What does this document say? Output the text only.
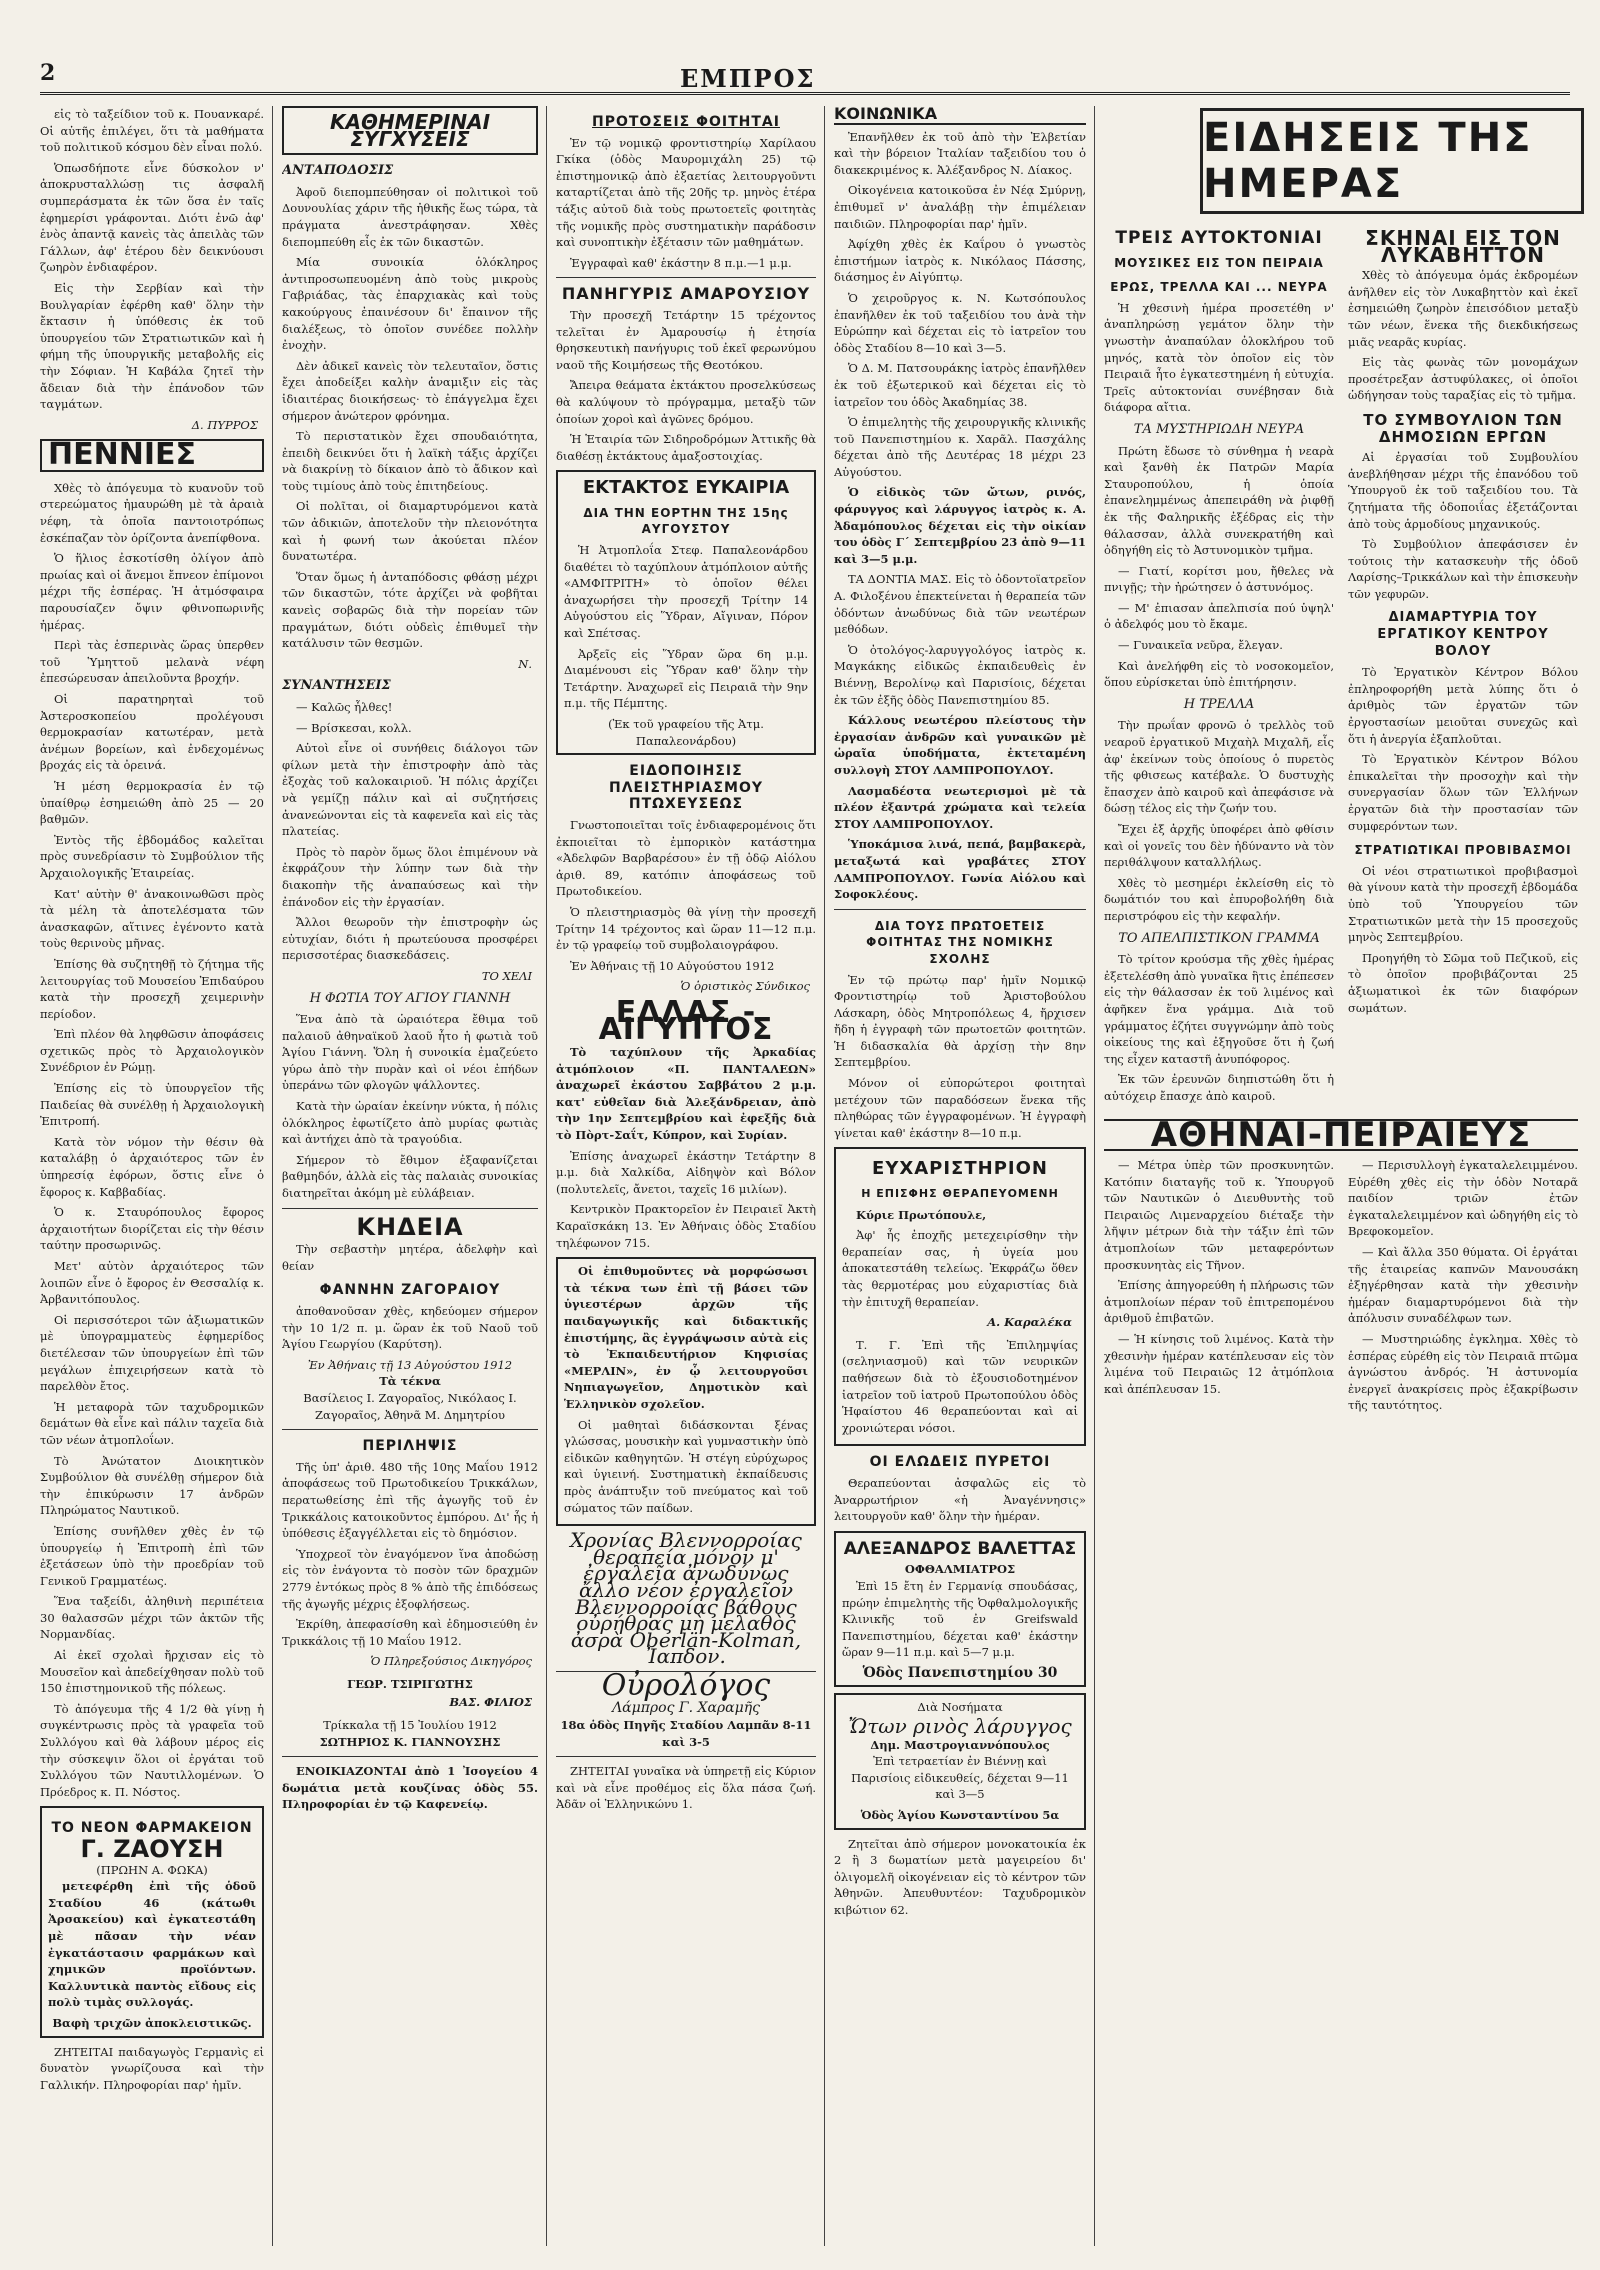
2	ΕΜΠΡΟΣ

εἰς τὸ ταξείδιον τοῦ κ. Πουανκαρέ. Οἱ αὐτῆς ἐπιλέγει, ὅτι τὰ μαθήματα τοῦ πολιτικοῦ κόσμου δὲν εἶναι πολύ.

Ὁπωσδήποτε εἶνε δύσκολον ν' ἀποκρυσταλλώσῃ τις ἀσφαλῆ συμπεράσματα ἐκ τῶν ὅσα ἐν ταῖς ἐφημερίσι γράφονται. Διότι ἐνῶ ἀφ' ἑνὸς ἀπαντᾷ κανεὶς τὰς ἀπειλὰς τῶν Γάλλων, ἀφ' ἑτέρου δὲν δεικνύουσι ζωηρὸν ἐνδιαφέρον.

Εἰς τὴν Σερβίαν καὶ τὴν Βουλγαρίαν ἐφέρθη καθ' ὅλην τὴν ἔκτασιν ἡ ὑπόθεσις ἐκ τοῦ ὑπουργείου τῶν Στρατιωτικῶν καὶ ἡ φήμη τῆς ὑπουργικῆς μεταβολῆς εἰς τὴν Σόφιαν. Ἡ Καβάλα ζητεῖ τὴν ἄδειαν διὰ τὴν ἐπάνοδον τῶν ταγμάτων.

Δ. ΠΥΡΡΟΣ
ΠΕΝΝΙΕΣ

Χθὲς τὸ ἀπόγευμα τὸ κυανοῦν τοῦ στερεώματος ἠμαυρώθη μὲ τὰ ἀραιὰ νέφη, τὰ ὁποῖα παντοιοτρόπως ἐσκέπαζαν τὸν ὁρίζοντα ἀνεπίφθονα.

Ὁ ἥλιος ἐσκοτίσθη ὀλίγον ἀπὸ πρωίας καὶ οἱ ἄνεμοι ἔπνεον ἐπίμονοι μέχρι τῆς ἑσπέρας. Ἡ ἀτμόσφαιρα παρουσίαζεν ὄψιν φθινοπωρινῆς ἡμέρας.

Περὶ τὰς ἑσπερινὰς ὥρας ὑπερθεν τοῦ Ὑμηττοῦ μελανὰ νέφη ἐπεσώρευσαν ἀπειλοῦντα βροχήν.

Οἱ παρατηρηταὶ τοῦ Ἀστεροσκοπείου προλέγουσι θερμοκρασίαν κατωτέραν, μετὰ ἀνέμων βορείων, καὶ ἐνδεχομένως βροχάς εἰς τὰ ὀρεινά.

Ἡ μέση θερμοκρασία ἐν τῷ ὑπαίθρῳ ἐσημειώθη ἀπὸ 25 — 20 βαθμῶν.

Ἐντὸς τῆς ἑβδομάδος καλεῖται πρὸς συνεδρίασιν τὸ Συμβούλιον τῆς Ἀρχαιολογικῆς Ἑταιρείας.

Κατ' αὐτὴν θ' ἀνακοινωθῶσι πρὸς τὰ μέλη τὰ ἀποτελέσματα τῶν ἀνασκαφῶν, αἵτινες ἐγένοντο κατὰ τοὺς θερινοὺς μῆνας.

Ἐπίσης θὰ συζητηθῇ τὸ ζήτημα τῆς λειτουργίας τοῦ Μουσείου Ἐπιδαύρου κατὰ τὴν προσεχῆ χειμερινὴν περίοδον.

Ἐπὶ πλέον θὰ ληφθῶσιν ἀποφάσεις σχετικῶς πρὸς τὸ Ἀρχαιολογικὸν Συνέδριον ἐν Ρώμῃ.

Ἐπίσης εἰς τὸ ὑπουργεῖον τῆς Παιδείας θὰ συνέλθῃ ἡ Ἀρχαιολογικὴ Ἐπιτροπή.

Κατὰ τὸν νόμον τὴν θέσιν θὰ καταλάβῃ ὁ ἀρχαιότερος τῶν ἐν ὑπηρεσίᾳ ἐφόρων, ὅστις εἶνε ὁ ἔφορος κ. Καββαδίας.

Ὁ κ. Σταυρόπουλος ἔφορος ἀρχαιοτήτων διορίζεται εἰς τὴν θέσιν ταύτην προσωρινῶς.

Μετ' αὐτὸν ἀρχαιότερος τῶν λοιπῶν εἶνε ὁ ἔφορος ἐν Θεσσαλίᾳ κ. Ἀρβανιτόπουλος.

Οἱ περισσότεροι τῶν ἀξιωματικῶν μὲ ὑπογραμματεὺς ἐφημερίδος διετέλεσαν τῶν ὑπουργείων ἐπὶ τῶν μεγάλων ἐπιχειρήσεων κατὰ τὸ παρελθὸν ἔτος.

Ἡ μεταφορὰ τῶν ταχυδρομικῶν δεμάτων θὰ εἶνε καὶ πάλιν ταχεῖα διὰ τῶν νέων ἀτμοπλοΐων.

Τὸ Ἀνώτατον Διοικητικὸν Συμβούλιον θὰ συνέλθῃ σήμερον διὰ τὴν ἐπικύρωσιν 17 ἀνδρῶν Πληρώματος Ναυτικοῦ.

Ἐπίσης συνῆλθεν χθὲς ἐν τῷ ὑπουργείῳ ἡ Ἐπιτροπὴ ἐπὶ τῶν ἐξετάσεων ὑπὸ τὴν προεδρίαν τοῦ Γενικοῦ Γραμματέως.

Ἕνα ταξείδι, ἀληθινὴ περιπέτεια 30 θαλασσῶν μέχρι τῶν ἀκτῶν τῆς Νορμανδίας.

Αἱ ἐκεῖ σχολαὶ ἤρχισαν εἰς τὸ Μουσεῖον καὶ ἀπεδείχθησαν πολὺ τοῦ 150 ἐπιστημονικοῦ τῆς πόλεως.

Τὸ ἀπόγευμα τῆς 4 1/2 θὰ γίνῃ ἡ συγκέντρωσις πρὸς τὰ γραφεῖα τοῦ Συλλόγου καὶ θὰ λάβουν μέρος εἰς τὴν σύσκεψιν ὅλοι οἱ ἐργάται τοῦ Συλλόγου τῶν Ναυτιλλομένων. Ὁ Πρόεδρος κ. Π. Νόστος.

ΤΟ ΝΕΟΝ ΦΑΡΜΑΚΕΙΟΝ
Γ. ΖΑΟΥΣΗ
(ΠΡΩΗΝ Α. ΦΩΚΑ)

μετεφέρθη ἐπὶ τῆς ὁδοῦ Σταδίου 46 (κάτωθι Ἀρσακείου) καὶ ἐγκατεστάθη μὲ πᾶσαν τὴν νέαν ἐγκατάστασιν φαρμάκων καὶ χημικῶν προϊόντων. Καλλυντικὰ παντὸς εἴδους εἰς πολὺ τιμὰς συλλογάς.

Βαφὴ τριχῶν ἀποκλειστικῶς.

ΖΗΤΕΙΤΑΙ παιδαγωγὸς Γερμανὶς εἰ δυνατὸν γνωρίζουσα καὶ τὴν Γαλλικήν. Πληροφορίαι παρ' ἡμῖν.

ΚΑΘΗΜΕΡΙΝΑΙ ΣΥΓΧΥΣΕΙΣ
ΑΝΤΑΠΟΔΟΣΙΣ

Ἀφοῦ διεπομπεύθησαν οἱ πολιτικοὶ τοῦ Δουνουλίας χάριν τῆς ἠθικῆς ἕως τώρα, τὰ πράγματα ἀνεστράφησαν. Χθὲς διεπομπεύθη εἷς ἐκ τῶν δικαστῶν.

Μία συνοικία ὁλόκληρος ἀντιπροσωπευομένη ἀπὸ τοὺς μικροὺς Γαβριάδας, τὰς ἐπαρχιακὰς καὶ τοὺς κακούργους ἐπαινέσουν δι' ἔπαινον τῆς διαλέξεως, τὸ ὁποῖον συνέδεε πολλὴν ἐνοχὴν.

Δὲν ἀδικεῖ κανεὶς τὸν τελευταῖον, ὅστις ἔχει ἀποδείξει καλὴν ἀναμιξιν εἰς τὰς ἰδιαιτέρας διοικήσεως· τὸ ἐπάγγελμα ἔχει σήμερον ἀνώτερον φρόνημα.

Τὸ περιστατικὸν ἔχει σπουδαιότητα, ἐπειδὴ δεικνύει ὅτι ἡ λαϊκὴ τάξις ἀρχίζει νὰ διακρίνῃ τὸ δίκαιον ἀπὸ τὸ ἄδικον καὶ τοὺς τιμίους ἀπὸ τοὺς ἐπιτηδείους.

Οἱ πολῖται, οἱ διαμαρτυρόμενοι κατὰ τῶν ἀδικιῶν, ἀποτελοῦν τὴν πλειονότητα καὶ ἡ φωνή των ἀκούεται πλέον δυνατωτέρα.

Ὅταν ὅμως ἡ ἀνταπόδοσις φθάσῃ μέχρι τῶν δικαστῶν, τότε ἀρχίζει νὰ φοβῆται κανεὶς σοβαρῶς διὰ τὴν πορείαν τῶν πραγμάτων, διότι οὐδεὶς ἐπιθυμεῖ τὴν κατάλυσιν τῶν θεσμῶν.

Ν.
ΣΥΝΑΝΤΗΣΕΙΣ

— Καλῶς ἦλθες!

— Βρίσκεσαι, κολλ.

Αὐτοὶ εἶνε οἱ συνήθεις διάλογοι τῶν φίλων μετὰ τὴν ἐπιστροφὴν ἀπὸ τὰς ἐξοχὰς τοῦ καλοκαιριοῦ. Ἡ πόλις ἀρχίζει νὰ γεμίζῃ πάλιν καὶ αἱ συζητήσεις ἀνανεώνονται εἰς τὰ καφενεῖα καὶ εἰς τὰς πλατείας.

Πρὸς τὸ παρὸν ὅμως ὅλοι ἐπιμένουν νὰ ἐκφράζουν τὴν λύπην των διὰ τὴν διακοπὴν τῆς ἀναπαύσεως καὶ τὴν ἐπάνοδον εἰς τὴν ἐργασίαν.

Ἄλλοι θεωροῦν τὴν ἐπιστροφὴν ὡς εὐτυχίαν, διότι ἡ πρωτεύουσα προσφέρει περισσοτέρας διασκεδάσεις.

ΤΟ ΧΕΛΙ
Η ΦΩΤΙΑ ΤΟΥ ΑΓΙΟΥ ΓΙΑΝΝΗ

Ἕνα ἀπὸ τὰ ὡραιότερα ἔθιμα τοῦ παλαιοῦ ἀθηναϊκοῦ λαοῦ ἦτο ἡ φωτιὰ τοῦ Ἁγίου Γιάννη. Ὅλη ἡ συνοικία ἐμαζεύετο γύρω ἀπὸ τὴν πυρὰν καὶ οἱ νέοι ἐπήδων ὑπεράνω τῶν φλογῶν ψάλλοντες.

Κατὰ τὴν ὡραίαν ἐκείνην νύκτα, ἡ πόλις ὁλόκληρος ἐφωτίζετο ἀπὸ μυρίας φωτιὰς καὶ ἀντήχει ἀπὸ τὰ τραγούδια.

Σήμερον τὸ ἔθιμον ἐξαφανίζεται βαθμηδόν, ἀλλὰ εἰς τὰς παλαιὰς συνοικίας διατηρεῖται ἀκόμη μὲ εὐλάβειαν.

ΚΗΔΕΙΑ

Τὴν σεβαστὴν μητέρα, ἀδελφὴν καὶ θείαν

ΦΑΝΝΗΝ ΖΑΓΟΡΑΙΟΥ

ἀποθανοῦσαν χθὲς, κηδεύομεν σήμερον τὴν 10 1/2 π. μ. ὥραν ἐκ τοῦ Ναοῦ τοῦ Ἁγίου Γεωργίου (Καρύτση).

Ἐν Ἀθήναις τῇ 13 Αὐγούστου 1912
Τὰ τέκνα

Βασίλειος Ι. Ζαγοραῖος, Νικόλαος Ι. Ζαγοραῖος, Ἀθηνᾶ Μ. Δημητρίου

ΠΕΡΙΛΗΨΙΣ

Τῆς ὑπ' ἀριθ. 480 τῆς 10ης Μαΐου 1912 ἀποφάσεως τοῦ Πρωτοδικείου Τρικκάλων, περατωθείσης ἐπὶ τῆς ἀγωγῆς τοῦ ἐν Τρικκάλοις κατοικοῦντος ἐμπόρου. Δι' ἧς ἡ ὑπόθεσις ἐξαγγέλλεται εἰς τὸ δημόσιον.

Ὑποχρεοῖ τὸν ἐναγόμενον ἵνα ἀποδώσῃ εἰς τὸν ἐνάγοντα τὸ ποσὸν τῶν δραχμῶν 2779 ἐντόκως πρὸς 8 % ἀπὸ τῆς ἐπιδόσεως τῆς ἀγωγῆς μέχρις ἐξοφλήσεως.

Ἐκρίθη, ἀπεφασίσθη καὶ ἐδημοσιεύθη ἐν Τρικκάλοις τῇ 10 Μαΐου 1912.

Ὁ Πληρεξούσιος Δικηγόρος
ΓΕΩΡ. ΤΣΙΡΙΓΩΤΗΣ
ΒΑΣ. ΦΙΛΙΟΣ
Τρίκκαλα τῇ 15 Ἰουλίου 1912
ΣΩΤΗΡΙΟΣ Κ. ΓΙΑΝΝΟΥΣΗΣ

ΕΝΟΙΚΙΑΖΟΝΤΑΙ ἀπὸ 1 Ἰσογείου 4 δωμάτια μετὰ κουζίνας ὁδὸς 55. Πληροφορίαι ἐν τῷ Καφενείῳ.

ΠΡΟΤΟΣΕΙΣ ΦΟΙΤΗΤΑΙ

Ἐν τῷ νομικῷ φροντιστηρίῳ Χαρίλαου Γκίκα (ὁδὸς Μαυρομιχάλη 25) τῷ ἐπιστημονικῷ ἀπὸ ἐξαετίας λειτουργοῦντι καταρτίζεται ἀπὸ τῆς 20ῆς τρ. μηνὸς ἑτέρα τάξις αὐτοῦ διὰ τοὺς πρωτοετεῖς φοιτητὰς τῆς νομικῆς πρὸς συστηματικὴν παράδοσιν καὶ συνοπτικὴν ἐξέτασιν τῶν μαθημάτων.

Ἐγγραφαὶ καθ' ἑκάστην 8 π.μ.—1 μ.μ.

ΠΑΝΗΓΥΡΙΣ ΑΜΑΡΟΥΣΙΟΥ

Τὴν προσεχῆ Τετάρτην 15 τρέχοντος τελεῖται ἐν Ἀμαρουσίῳ ἡ ἐτησία θρησκευτικὴ πανήγυρις τοῦ ἐκεῖ φερωνύμου ναοῦ τῆς Κοιμήσεως τῆς Θεοτόκου.

Ἄπειρα θεάματα ἐκτάκτου προσελκύσεως θὰ καλύψουν τὸ πρόγραμμα, μεταξὺ τῶν ὁποίων χοροὶ καὶ ἀγῶνες δρόμου.

Ἡ Ἑταιρία τῶν Σιδηροδρόμων Ἀττικῆς θὰ διαθέσῃ ἐκτάκτους ἁμαξοστοιχίας.

ΕΚΤΑΚΤΟΣ ΕΥΚΑΙΡΙΑ
ΔΙΑ ΤΗΝ ΕΟΡΤΗΝ ΤΗΣ 15ης ΑΥΓΟΥΣΤΟΥ

Ἡ Ἀτμοπλοΐα Στεφ. Παπαλεονάρδου διαθέτει τὸ ταχύπλουν ἀτμόπλοιον αὐτῆς «ΑΜΦΙΤΡΙΤΗ» τὸ ὁποῖον θέλει ἀναχωρήσει τὴν προσεχῆ Τρίτην 14 Αὐγούστου εἰς Ὕδραν, Αἴγιναν, Πόρον καὶ Σπέτσας.

Ἀρξεῖς εἰς Ὕδραν ὥρα 6η μ.μ. Διαμένουσι εἰς Ὕδραν καθ' ὅλην τὴν Τετάρτην. Ἀναχωρεῖ εἰς Πειραιᾶ τὴν 9ην π.μ. τῆς Πέμπτης.

(Ἐκ τοῦ γραφείου τῆς Ἀτμ. Παπαλεονάρδου)
ΕΙΔΟΠΟΙΗΣΙΣ ΠΛΕΙΣΤΗΡΙΑΣΜΟΥ ΠΤΩΧΕΥΣΕΩΣ

Γνωστοποιεῖται τοῖς ἐνδιαφερομένοις ὅτι ἐκποιεῖται τὸ ἐμπορικὸν κατάστημα «Ἀδελφῶν Βαρβαρέσου» ἐν τῇ ὁδῷ Αἰόλου ἀριθ. 89, κατόπιν ἀποφάσεως τοῦ Πρωτοδικείου.

Ὁ πλειστηριασμὸς θὰ γίνῃ τὴν προσεχῆ Τρίτην 14 τρέχοντος καὶ ὥραν 11—12 π.μ. ἐν τῷ γραφείῳ τοῦ συμβολαιογράφου.

Ἐν Ἀθήναις τῇ 10 Αὐγούστου 1912

Ὁ ὁριστικὸς Σύνδικος
ΕΛΛΑΣ - ΑΙΓΥΠΤΟΣ

Τὸ ταχύπλουν τῆς Ἀρκαδίας ἀτμόπλοιον «Π. ΠΑΝΤΑΛΕΩΝ» ἀναχωρεῖ ἐκάστου Σαββάτου 2 μ.μ. κατ' εὐθεῖαν διὰ Ἀλεξάνδρειαν, ἀπὸ τὴν 1ην Σεπτεμβρίου καὶ ἐφεξῆς διὰ τὸ Πὸρτ-Σαΐτ, Κύπρον, καὶ Συρίαν.

Ἐπίσης ἀναχωρεῖ ἐκάστην Τετάρτην 8 μ.μ. διὰ Χαλκίδα, Αἰδηψὸν καὶ Βόλον (πολυτελεῖς, ἄνετοι, ταχεῖς 16 μιλίων).

Κεντρικὸν Πρακτορεῖον ἐν Πειραιεῖ Ἀκτὴ Καραϊσκάκη 13. Ἐν Ἀθήναις ὁδὸς Σταδίου τηλέφωνον 715.

Οἱ ἐπιθυμοῦντες νὰ μορφώσωσι τὰ τέκνα των ἐπὶ τῇ βάσει τῶν ὑγιεστέρων ἀρχῶν τῆς παιδαγωγικῆς καὶ διδακτικῆς ἐπιστήμης, ἂς ἐγγράψωσιν αὐτὰ εἰς τὸ Ἐκπαιδευτήριον Κηφισίας «ΜΕΡΛΙΝ», ἐν ᾧ λειτουργοῦσι Νηπιαγωγεῖον, Δημοτικὸν καὶ Ἑλληνικὸν σχολεῖον.

Οἱ μαθηταὶ διδάσκονται ξένας γλώσσας, μουσικὴν καὶ γυμναστικὴν ὑπὸ εἰδικῶν καθηγητῶν. Ἡ στέγη εὐρύχωρος καὶ ὑγιεινή. Συστηματικὴ ἐκπαίδευσις πρὸς ἀνάπτυξιν τοῦ πνεύματος καὶ τοῦ σώματος τῶν παίδων.

Χρονίας Βλεννορροίας θεραπεία μόνον μ' ἐργαλεῖα ἀνωδύνως ἄλλο νέον ἐργαλεῖον Βλεννορροίας βάθους οὐρήθρας μὴ μελαθὸς ἀσρὰ Oberlän-Kolman, Ἰαπδον.
Οὐρολόγος
Λάμπρος Γ. Χαραμῆς
18α ὁδὸς Πηγῆς Σταδίου Λαμπᾶν 8-11 καὶ 3-5

ΖΗΤΕΙΤΑΙ γυναῖκα νὰ ὑπηρετῇ εἰς Κύριον καὶ νὰ εἶνε προθέμος εἰς ὅλα πάσα ζωή. Ἀδᾶν οἱ Ἐλληνικώνυ 1.

ΚΟΙΝΩΝΙΚΑ

Ἐπανῆλθεν ἐκ τοῦ ἀπὸ τὴν Ἑλβετίαν καὶ τὴν βόρειον Ἰταλίαν ταξειδίου του ὁ διακεκριμένος κ. Ἀλέξανδρος Ν. Δίακος.

Οἰκογένεια κατοικοῦσα ἐν Νέᾳ Σμύρνῃ, ἐπιθυμεῖ ν' ἀναλάβῃ τὴν ἐπιμέλειαν παιδιῶν. Πληροφορίαι παρ' ἡμῖν.

Ἀφίχθη χθὲς ἐκ Καΐρου ὁ γνωστὸς ἐπιστήμων ἰατρὸς κ. Νικόλαος Πάσσης, διάσημος ἐν Αἰγύπτῳ.

Ὁ χειροῦργος κ. Ν. Κωτσόπουλος ἐπανῆλθεν ἐκ τοῦ ταξειδίου του ἀνὰ τὴν Εὐρώπην καὶ δέχεται εἰς τὸ ἰατρεῖον του ὁδὸς Σταδίου 8—10 καὶ 3—5.

Ὁ Δ. Μ. Πατσουράκης ἰατρὸς ἐπανῆλθεν ἐκ τοῦ ἐξωτερικοῦ καὶ δέχεται εἰς τὸ ἰατρεῖον του ὁδὸς Ἀκαδημίας 38.

Ὁ ἐπιμελητὴς τῆς χειρουργικῆς κλινικῆς τοῦ Πανεπιστημίου κ. Χαρᾶλ. Πασχάλης δέχεται ἀπὸ τῆς Δευτέρας 18 μέχρι 23 Αὐγούστου.

Ὁ εἰδικὸς τῶν ὤτων, ρινός, φάρυγγος καὶ λάρυγγος ἰατρὸς κ. Α. Ἀδαμόπουλος δέχεται εἰς τὴν οἰκίαν του ὁδὸς Γ΄ Σεπτεμβρίου 23 ἀπὸ 9—11 καὶ 3—5 μ.μ.

ΤΑ ΔΟΝΤΙΑ ΜΑΣ. Εἰς τὸ ὀδοντοϊατρεῖον Α. Φιλοξένου ἐπεκτείνεται ἡ θεραπεία τῶν ὀδόντων ἀνωδύνως διὰ τῶν νεωτέρων μεθόδων.

Ὁ ὀτολόγος-λαρυγγολόγος ἰατρὸς κ. Μαγκάκης εἰδικῶς ἐκπαιδευθεὶς ἐν Βιέννῃ, Βερολίνῳ καὶ Παρισίοις, δέχεται ἐκ τῶν ἐξῆς ὁδὸς Πανεπιστημίου 85.

Κάλλους νεωτέρου πλείστους τὴν ἐργασίαν ἀνδρῶν καὶ γυναικῶν μὲ ὡραῖα ὑποδήματα, ἐκτεταμένη συλλογὴ ΣΤΟΥ ΛΑΜΠΡΟΠΟΥΛΟΥ.

Λασμαδέστα νεωτερισμοὶ μὲ τὰ πλέον ἐξαντρά χρώματα καὶ τελεία ΣΤΟΥ ΛΑΜΠΡΟΠΟΥΛΟΥ.

Ὑποκάμισα λινά, πεπά, βαμβακερὰ, μεταξωτά καὶ γραβάτες ΣΤΟΥ ΛΑΜΠΡΟΠΟΥΛΟΥ. Γωνία Αἰόλου καὶ Σοφοκλέους.

ΔΙΑ ΤΟΥΣ ΠΡΩΤΟΕΤΕΙΣ ΦΟΙΤΗΤΑΣ ΤΗΣ ΝΟΜΙΚΗΣ ΣΧΟΛΗΣ

Ἐν τῷ πρώτῳ παρ' ἡμῖν Νομικῷ Φροντιστηρίῳ τοῦ Ἀριστοβούλου Λάσκαρη, ὁδὸς Μητροπόλεως 4, ἤρχισεν ἤδη ἡ ἐγγραφὴ τῶν πρωτοετῶν φοιτητῶν. Ἡ διδασκαλία θὰ ἀρχίσῃ τὴν 8ην Σεπτεμβρίου.

Μόνον οἱ εὐπορώτεροι φοιτηταὶ μετέχουν τῶν παραδόσεων ἕνεκα τῆς πληθώρας τῶν ἐγγραφομένων. Ἡ ἐγγραφὴ γίνεται καθ' ἑκάστην 8—10 π.μ.

ΕΥΧΑΡΙΣΤΗΡΙΟΝ
Η ΕΠΙΣΦΗΣ ΘΕΡΑΠΕΥΟΜΕΝΗ

Κύριε Πρωτόπουλε,

Ἀφ' ἧς ἐποχῆς μετεχειρίσθην τὴν θεραπείαν σας, ἡ ὑγεία μου ἀποκατεστάθη τελείως. Ἐκφράζω ὅθεν τὰς θερμοτέρας μου εὐχαριστίας διὰ τὴν ἐπιτυχῆ θεραπείαν.

Α. Καραλέκα

Τ. Γ. Ἐπὶ τῆς Ἐπιλημψίας (σεληνιασμοῦ) καὶ τῶν νευρικῶν παθήσεων διὰ τὸ ἐξουσιοδοτημένον ἰατρεῖον τοῦ ἰατροῦ Πρωτοπούλου ὁδὸς Ἡφαίστου 46 θεραπεύονται καὶ αἱ χρονιώτεραι νόσοι.

ΟΙ ΕΛΩΔΕΙΣ ΠΥΡΕΤΟΙ

Θεραπεύονται ἀσφαλῶς εἰς τὸ Ἀναρρωτήριον «ἡ Ἀναγέννησις» λειτουργοῦν καθ' ὅλην τὴν ἡμέραν.

ΑΛΕΞΑΝΔΡΟΣ ΒΑΛΕΤΤΑΣ
ΟΦΘΑΛΜΙΑΤΡΟΣ

Ἐπὶ 15 ἔτη ἐν Γερμανίᾳ σπουδάσας, πρώην ἐπιμελητὴς τῆς Ὀφθαλμολογικῆς Κλινικῆς τοῦ ἐν Greifswald Πανεπιστημίου, δέχεται καθ' ἑκάστην ὥραν 9—11 π.μ. καὶ 5—7 μ.μ.

Ὁδὸς Πανεπιστημίου 30
Διὰ Νοσήματα
Ὤτων ρινὸς λάρυγγος
Δημ. Μαστρογιαννόπουλος

Ἐπὶ τετραετίαν ἐν Βιέννῃ καὶ Παρισίοις εἰδικευθείς, δέχεται 9—11 καὶ 3—5

Ὁδὸς Ἁγίου Κωνσταντίνου 5α

Ζητεῖται ἀπὸ σήμερον μονοκατοικία ἐκ 2 ἢ 3 δωματίων μετὰ μαγειρείου δι' ὀλιγομελῆ οἰκογένειαν εἰς τὸ κέντρον τῶν Ἀθηνῶν. Ἀπευθυντέον: Ταχυδρομικὸν κιβώτιον 62.

ΕΙΔΗΣΕΙΣ ΤΗΣ ΗΜΕΡΑΣ
ΤΡΕΙΣ ΑΥΤΟΚΤΟΝΙΑΙ
ΜΟΥΣΙΚΕΣ ΕΙΣ ΤΟΝ ΠΕΙΡΑΙΑ
ΕΡΩΣ, ΤΡΕΛΛΑ ΚΑΙ ... ΝΕΥΡΑ

Ἡ χθεσινὴ ἡμέρα προσετέθη ν' ἀναπληρώσῃ γεμάτον ὅλην τὴν γνωστὴν ἀναπαύλαν ὀλοκλήρου τοῦ μηνός, κατὰ τὸν ὁποῖον εἰς τὸν Πειραιᾶ ἦτο ἐγκατεστημένη ἡ εὐτυχία. Τρεῖς αὐτοκτονίαι συνέβησαν διὰ διάφορα αἴτια.

ΤΑ ΜΥΣΤΗΡΙΩΔΗ ΝΕΥΡΑ

Πρώτη ἔδωσε τὸ σύνθημα ἡ νεαρὰ καὶ ξανθὴ ἐκ Πατρῶν Μαρία Σταυροπούλου, ἡ ὁποία ἐπανελημμένως ἀπεπειράθη νὰ ῥιφθῇ ἐκ τῆς Φαληρικῆς ἐξέδρας εἰς τὴν θάλασσαν, ἀλλὰ συνεκρατήθη καὶ ὁδηγήθη εἰς τὸ Ἀστυνομικὸν τμῆμα.

— Γιατί, κορίτσι μου, ἤθελες νὰ πνιγῇς; τὴν ἠρώτησεν ὁ ἀστυνόμος.

— Μ' ἐπιασαν ἀπελπισία πού ὑψηλ' ὁ ἀδελφός μου τὸ ἔκαμε.

— Γυναικεῖα νεῦρα, ἔλεγαν.

Καὶ ἀνελήφθη εἰς τὸ νοσοκομεῖον, ὅπου εὑρίσκεται ὑπὸ ἐπιτήρησιν.

Η ΤΡΕΛΛΑ

Τὴν πρωΐαν φρονῶ ὁ τρελλὸς τοῦ νεαροῦ ἐργατικοῦ Μιχαὴλ Μιχαλῆ, εἷς ἀφ' ἑκείνων τοὺς ὁποίους ὁ πυρετὸς τῆς φθισεως κατέβαλε. Ὁ δυστυχὴς ἔπασχεν ἀπὸ καιροῦ καὶ ἀπεφάσισε νὰ δώσῃ τέλος εἰς τὴν ζωήν του.

Ἔχει ἐξ ἀρχῆς ὑποφέρει ἀπὸ φθίσιν καὶ οἱ γονεῖς του δὲν ἠδύναντο νὰ τὸν περιθάλψουν καταλλήλως.

Χθὲς τὸ μεσημέρι ἐκλείσθη εἰς τὸ δωμάτιόν του καὶ ἐπυροβολήθη διὰ περιστρόφου εἰς τὴν κεφαλήν.

ΤΟ ΑΠΕΛΠΙΣΤΙΚΟΝ ΓΡΑΜΜΑ

Τὸ τρίτον κρούσμα τῆς χθὲς ἡμέρας ἐξετελέσθη ἀπὸ γυναῖκα ἣτις ἐπέπεσεν εἰς τὴν θάλασσαν ἐκ τοῦ λιμένος καὶ ἀφῆκεν ἕνα γράμμα. Διὰ τοῦ γράμματος ἐζήτει συγγνώμην ἀπὸ τοὺς οἰκείους της καὶ ἐξηγοῦσε ὅτι ἡ ζωή της εἶχεν καταστῆ ἀνυπόφορος.

Ἐκ τῶν ἐρευνῶν διηπιστώθη ὅτι ἡ αὐτόχειρ ἔπασχε ἀπὸ καιροῦ.

ΣΚΗΝΑΙ ΕΙΣ ΤΟΝ ΛΥΚΑΒΗΤΤΟΝ

Χθὲς τὸ ἀπόγευμα ὁμάς ἐκδρομέων ἀνῆλθεν εἰς τὸν Λυκαβηττὸν καὶ ἐκεῖ ἐσημειώθη ζωηρὸν ἐπεισόδιον μεταξὺ τῶν νέων, ἕνεκα τῆς διεκδικήσεως μιᾶς νεαρᾶς κυρίας.

Εἰς τὰς φωνὰς τῶν μονομάχων προσέτρεξαν ἀστυφύλακες, οἱ ὁποῖοι ὡδήγησαν τοὺς ταραξίας εἰς τὸ τμῆμα.

ΤΟ ΣΥΜΒΟΥΛΙΟΝ ΤΩΝ ΔΗΜΟΣΙΩΝ ΕΡΓΩΝ

Αἱ ἐργασίαι τοῦ Συμβουλίου ἀνεβλήθησαν μέχρι τῆς ἐπανόδου τοῦ Ὑπουργοῦ ἐκ τοῦ ταξειδίου του. Τὰ ζητήματα τῆς ὁδοποιΐας ἐξετάζονται ἀπὸ τοὺς ἁρμοδίους μηχανικούς.

Τὸ Συμβούλιον ἀπεφάσισεν ἐν τούτοις τὴν κατασκευὴν τῆς ὁδοῦ Λαρίσης–Τρικκάλων καὶ τὴν ἐπισκευὴν τῶν γεφυρῶν.

ΔΙΑΜΑΡΤΥΡΙΑ ΤΟΥ ΕΡΓΑΤΙΚΟΥ ΚΕΝΤΡΟΥ ΒΟΛΟΥ

Τὸ Ἐργατικὸν Κέντρον Βόλου ἐπληροφορήθη μετὰ λύπης ὅτι ὁ ἀριθμὸς τῶν ἐργατῶν τῶν ἐργοστασίων μειοῦται συνεχῶς καὶ ὅτι ἡ ἀνεργία ἐξαπλοῦται.

Τὸ Ἐργατικὸν Κέντρον Βόλου ἐπικαλεῖται τὴν προσοχὴν καὶ τὴν συνεργασίαν ὅλων τῶν Ἑλλήνων ἐργατῶν διὰ τὴν προστασίαν τῶν συμφερόντων των.

ΣΤΡΑΤΙΩΤΙΚΑΙ ΠΡΟΒΙΒΑΣΜΟΙ

Οἱ νέοι στρατιωτικοὶ προβιβασμοὶ θὰ γίνουν κατὰ τὴν προσεχῆ ἑβδομάδα ὑπὸ τοῦ Ὑπουργείου τῶν Στρατιωτικῶν μετὰ τὴν 15 προσεχοῦς μηνὸς Σεπτεμβρίου.

Προηγήθη τὸ Σῶμα τοῦ Πεζικοῦ, εἰς τὸ ὁποῖον προβιβάζονται 25 ἀξιωματικοὶ ἐκ τῶν διαφόρων σωμάτων.

ΑΘΗΝΑΙ-ΠΕΙΡΑΙΕΥΣ

— Μέτρα ὑπὲρ τῶν προσκυνητῶν. Κατόπιν διαταγῆς τοῦ κ. Ὑπουργοῦ τῶν Ναυτικῶν ὁ Διευθυντὴς τοῦ Πειραιῶς Λιμεναρχείου διέταξε τὴν λῆψιν μέτρων διὰ τὴν τάξιν ἐπὶ τῶν ἀτμοπλοίων τῶν μεταφερόντων προσκυνητὰς εἰς Τῆνον.

Ἐπίσης ἀπηγορεύθη ἡ πλήρωσις τῶν ἀτμοπλοίων πέραν τοῦ ἐπιτρεπομένου ἀριθμοῦ ἐπιβατῶν.

— Ἡ κίνησις τοῦ λιμένος. Κατὰ τὴν χθεσινὴν ἡμέραν κατέπλευσαν εἰς τὸν λιμένα τοῦ Πειραιῶς 12 ἀτμόπλοια καὶ ἀπέπλευσαν 15.

— Περισυλλογὴ ἐγκαταλελειμμένου. Εὑρέθη χθὲς εἰς τὴν ὁδὸν Νοταρᾶ παιδίον τριῶν ἐτῶν ἐγκαταλελειμμένον καὶ ὡδηγήθη εἰς τὸ Βρεφοκομεῖον.

— Καὶ ἄλλα 350 θύματα. Οἱ ἐργάται τῆς ἑταιρείας καπνῶν Μανουσάκη ἐξηγέρθησαν κατὰ τὴν χθεσινὴν ἡμέραν διαμαρτυρόμενοι διὰ τὴν ἀπόλυσιν συναδέλφων των.

— Μυστηριώδης ἐγκλημα. Χθὲς τὸ ἑσπέρας εὑρέθη εἰς τὸν Πειραιᾶ πτῶμα ἀγνώστου ἀνδρός. Ἡ ἀστυνομία ἐνεργεῖ ἀνακρίσεις πρὸς ἐξακρίβωσιν τῆς ταυτότητος.
